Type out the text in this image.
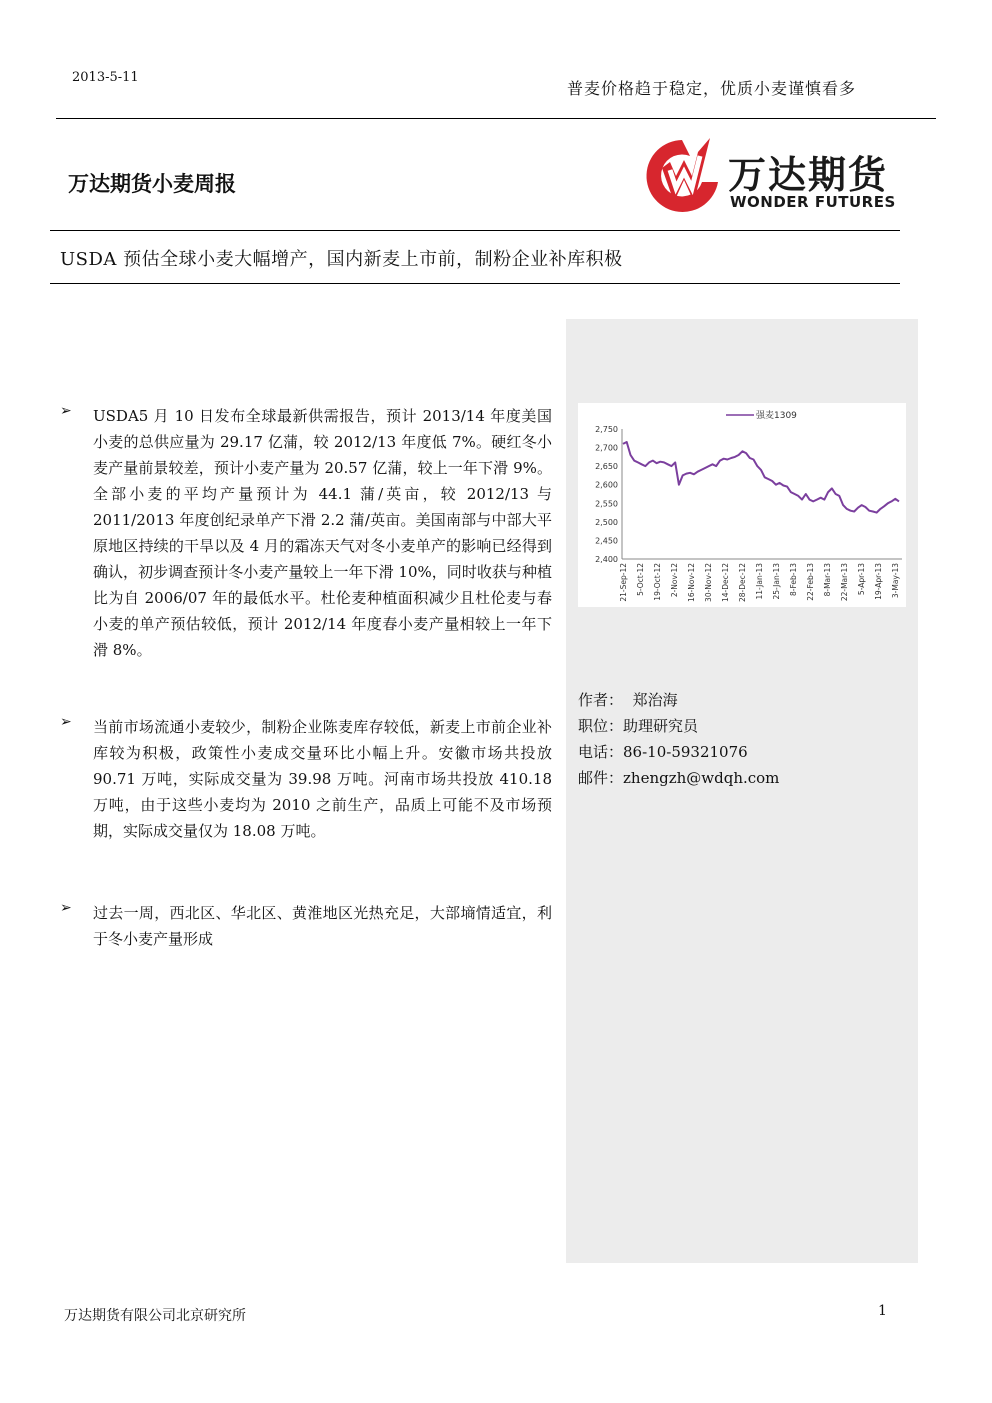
2013-5-11
普麦价格趋于稳定，优质小麦谨慎看多
万达期货小麦周报	万达期货
WONDER FUTURES
USDA 预估全球小麦大幅增产，国内新麦上市前，制粉企业补库积极
➢ USDA5 月 10 日发布全球最新供需报告，预计 2013/14 年度美国小麦的总供应量为 29.17 亿蒲，较 2012/13 年度低 7%。硬红冬小麦产量前景较差，预计小麦产量为 20.57 亿蒲，较上一年下滑 9%。全部小麦的平均产量预计为 44.1 蒲/英亩，较 2012/13 与 2011/2013 年度创纪录单产下滑 2.2 蒲/英亩。美国南部与中部大平原地区持续的干旱以及 4 月的霜冻天气对冬小麦单产的影响已经得到确认，初步调查预计冬小麦产量较上一年下滑 10%，同时收获与种植比为自 2006/07 年的最低水平。杜伦麦种植面积减少且杜伦麦与春小麦的单产预估较低，预计 2012/14 年度春小麦产量相较上一年下滑 8%。

➢ 当前市场流通小麦较少，制粉企业陈麦库存较低，新麦上市前企业补库较为积极，政策性小麦成交量环比小幅上升。安徽市场共投放 90.71 万吨，实际成交量为 39.98 万吨。河南市场共投放 410.18 万吨，由于这些小麦均为 2010 之前生产，品质上可能不及市场预期，实际成交量仅为 18.08 万吨。

➢ 过去一周，西北区、华北区、黄淮地区光热充足，大部墒情适宜，利于冬小麦产量形成

2,400
2,450
2,500
2,550
2,600
2,650
2,700
2,750
21-Sep-12 5-Oct-12 19-Oct-12 2-Nov-12 16-Nov-12 30-Nov-12 14-Dec-12 28-Dec-12 11-Jan-13 25-Jan-13 8-Feb-13 22-Feb-13 8-Mar-13 22-Mar-13 5-Apr-13 19-Apr-13 3-May-13
强麦1309
作者： 郑治海
职位：助理研究员
电话：86-10-59321076
邮件：zhengzh@wdqh.com
万达期货有限公司北京研究所	1
